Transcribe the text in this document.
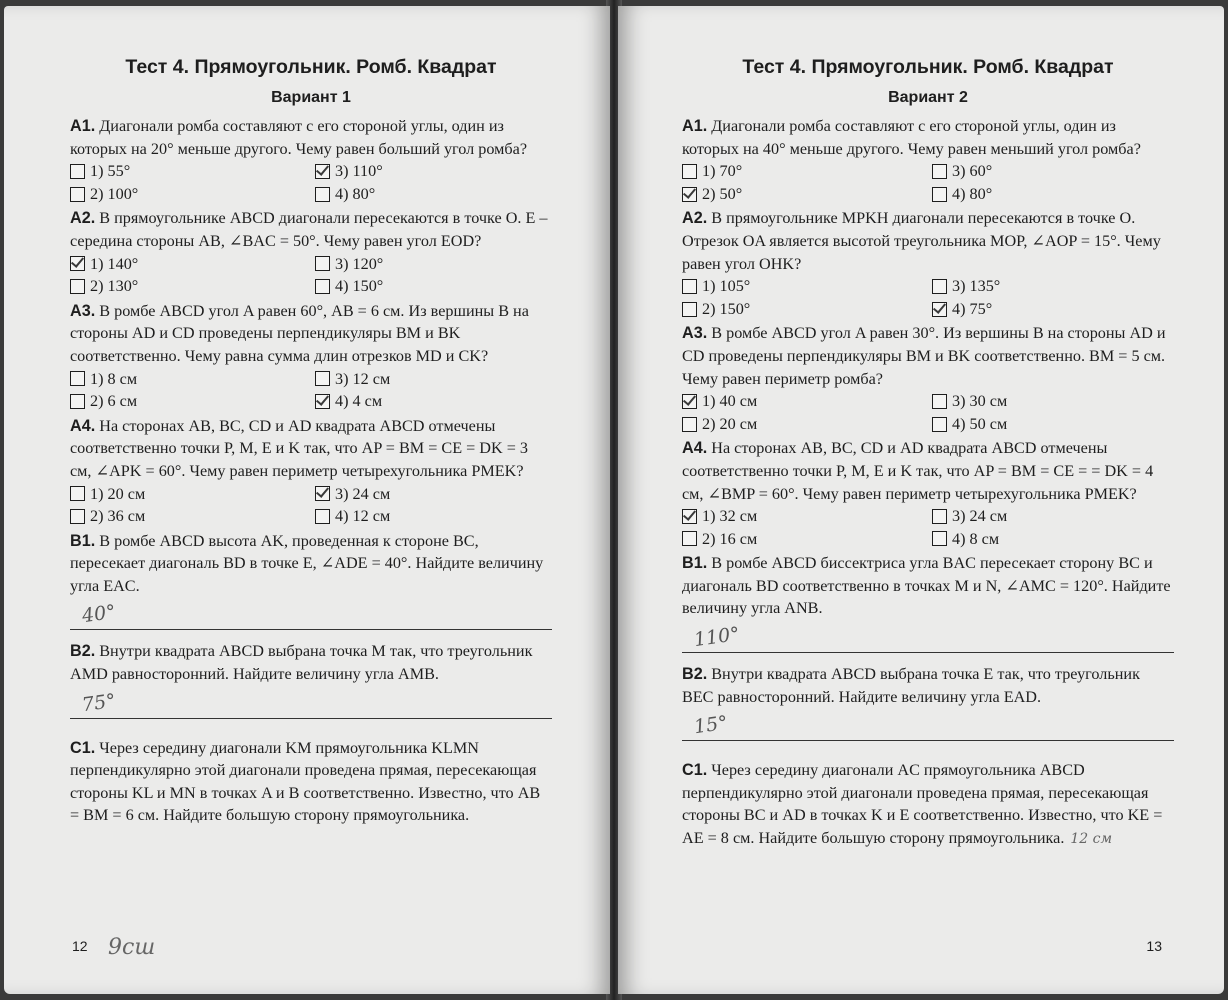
Тест 4. Прямоугольник. Ромб. Квадрат
Вариант 1

А1. Диагонали ромба составляют с его стороной углы, один из которых на 20° меньше другого. Чему равен больший угол ромба?

1) 55°	3) 110°
2) 100°	4) 80°

А2. В прямоугольнике ABCD диагонали пересекаются в точке O. E – середина стороны AB, ∠BAC = 50°. Чему равен угол EOD?

1) 140°	3) 120°
2) 130°	4) 150°

А3. В ромбе ABCD угол A равен 60°, AB = 6 см. Из вершины B на стороны AD и CD проведены перпендикуляры BM и BK соответственно. Чему равна сумма длин отрезков MD и CK?

1) 8 см	3) 12 см
2) 6 см	4) 4 см

А4. На сторонах AB, BC, CD и AD квадрата ABCD отмечены соответственно точки P, M, E и K так, что AP = BM = CE = DK = 3 см, ∠APK = 60°. Чему равен периметр четырехугольника PMEK?

1) 20 см	3) 24 см
2) 36 см	4) 12 см

B1. В ромбе ABCD высота AK, проведенная к стороне BC, пересекает диагональ BD в точке E, ∠ADE = 40°. Найдите величину угла EAC.

40°

B2. Внутри квадрата ABCD выбрана точка M так, что треугольник AMD равносторонний. Найдите величину угла AMB.

75°

C1. Через середину диагонали KM прямоугольника KLMN перпендикулярно этой диагонали проведена прямая, пересекающая стороны KL и MN в точках A и B соответственно. Известно, что AB = BM = 6 см. Найдите большую сторону прямоугольника.

12 9сш
Тест 4. Прямоугольник. Ромб. Квадрат
Вариант 2

А1. Диагонали ромба составляют с его стороной углы, один из которых на 40° меньше другого. Чему равен меньший угол ромба?

1) 70°	3) 60°
2) 50°	4) 80°

А2. В прямоугольнике MPKH диагонали пересекаются в точке O. Отрезок OA является высотой треугольника MOP, ∠AOP = 15°. Чему равен угол OHK?

1) 105°	3) 135°
2) 150°	4) 75°

А3. В ромбе ABCD угол A равен 30°. Из вершины B на стороны AD и CD проведены перпендикуляры BM и BK соответственно. BM = 5 см. Чему равен периметр ромба?

1) 40 см	3) 30 см
2) 20 см	4) 50 см

А4. На сторонах AB, BC, CD и AD квадрата ABCD отмечены соответственно точки P, M, E и K так, что AP = BM = CE = = DK = 4 см, ∠BMP = 60°. Чему равен периметр четырехугольника PMEK?

1) 32 см	3) 24 см
2) 16 см	4) 8 см

B1. В ромбе ABCD биссектриса угла BAC пересекает сторону BC и диагональ BD соответственно в точках M и N, ∠AMC = 120°. Найдите величину угла ANB.

110°

B2. Внутри квадрата ABCD выбрана точка E так, что треугольник BEC равносторонний. Найдите величину угла EAD.

15°

C1. Через середину диагонали AC прямоугольника ABCD перпендикулярно этой диагонали проведена прямая, пересекающая стороны BC и AD в точках K и E соответственно. Известно, что KE = AE = 8 см. Найдите большую сторону прямоугольника. 12 см

13
